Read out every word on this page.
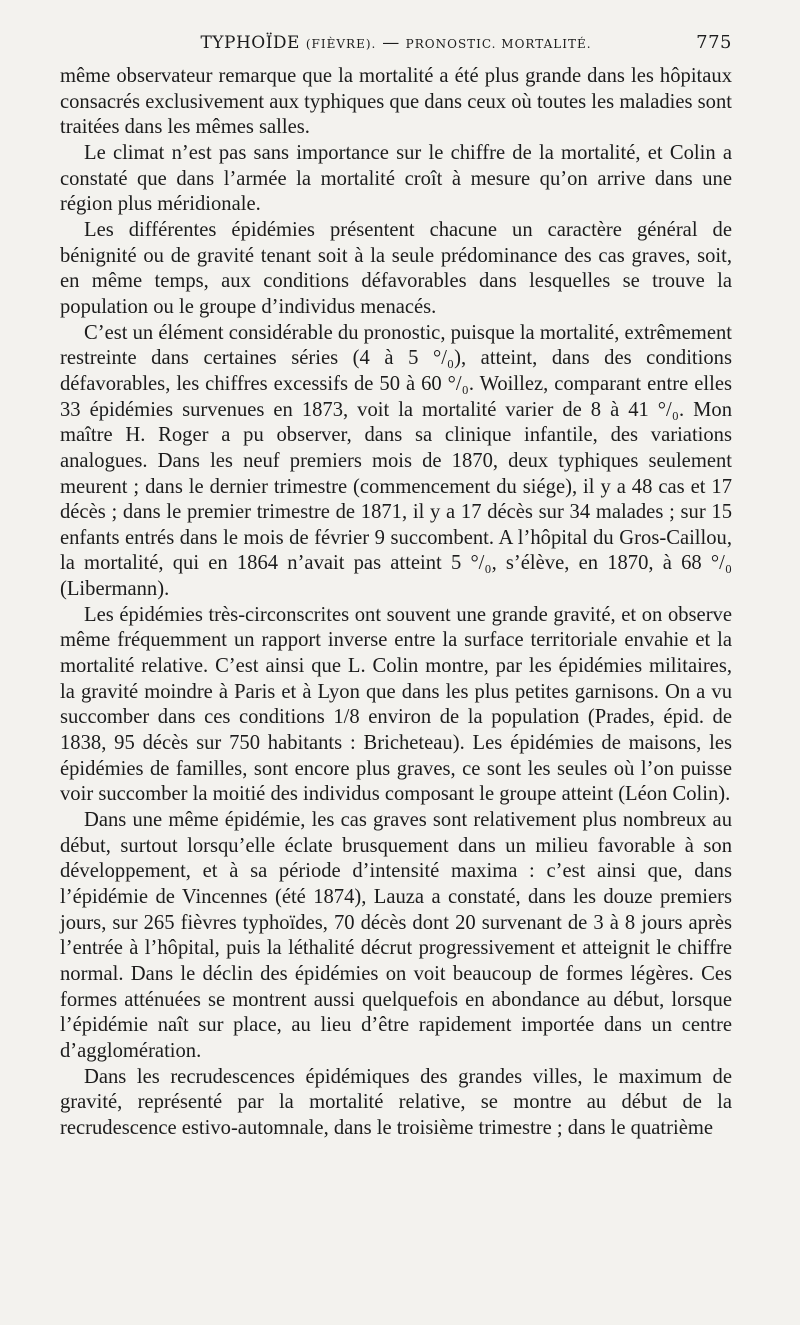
TYPHOÏDE (FIÈVRE). — PRONOSTIC. MORTALITÉ.	775

même observateur remarque que la mortalité a été plus grande dans les hôpitaux consacrés exclusivement aux typhiques que dans ceux où toutes les maladies sont traitées dans les mêmes salles.

Le climat n’est pas sans importance sur le chiffre de la mortalité, et Colin a constaté que dans l’armée la mortalité croît à mesure qu’on arrive dans une région plus méridionale.

Les différentes épidémies présentent chacune un caractère général de bénignité ou de gravité tenant soit à la seule prédominance des cas graves, soit, en même temps, aux conditions défavorables dans lesquelles se trouve la population ou le groupe d’individus menacés.

C’est un élément considérable du pronostic, puisque la mortalité, extrêmement restreinte dans certaines séries (4 à 5 °/₀), atteint, dans des conditions défavorables, les chiffres excessifs de 50 à 60 °/₀. Woillez, comparant entre elles 33 épidémies survenues en 1873, voit la mortalité varier de 8 à 41 °/₀. Mon maître H. Roger a pu observer, dans sa clinique infantile, des variations analogues. Dans les neuf premiers mois de 1870, deux typhiques seulement meurent ; dans le dernier trimestre (commencement du siége), il y a 48 cas et 17 décès ; dans le premier trimestre de 1871, il y a 17 décès sur 34 malades ; sur 15 enfants entrés dans le mois de février 9 succombent. A l’hôpital du Gros-Caillou, la mortalité, qui en 1864 n’avait pas atteint 5 °/₀, s’élève, en 1870, à 68 °/₀ (Libermann).

Les épidémies très-circonscrites ont souvent une grande gravité, et on observe même fréquemment un rapport inverse entre la surface territoriale envahie et la mortalité relative. C’est ainsi que L. Colin montre, par les épidémies militaires, la gravité moindre à Paris et à Lyon que dans les plus petites garnisons. On a vu succomber dans ces conditions 1/8 environ de la population (Prades, épid. de 1838, 95 décès sur 750 habitants : Bricheteau). Les épidémies de maisons, les épidémies de familles, sont encore plus graves, ce sont les seules où l’on puisse voir succomber la moitié des individus composant le groupe atteint (Léon Colin).

Dans une même épidémie, les cas graves sont relativement plus nombreux au début, surtout lorsqu’elle éclate brusquement dans un milieu favorable à son développement, et à sa période d’intensité maxima : c’est ainsi que, dans l’épidémie de Vincennes (été 1874), Lauza a constaté, dans les douze premiers jours, sur 265 fièvres typhoïdes, 70 décès dont 20 survenant de 3 à 8 jours après l’entrée à l’hôpital, puis la léthalité décrut progressivement et atteignit le chiffre normal. Dans le déclin des épidémies on voit beaucoup de formes légères. Ces formes atténuées se montrent aussi quelquefois en abondance au début, lorsque l’épidémie naît sur place, au lieu d’être rapidement importée dans un centre d’agglomération.

Dans les recrudescences épidémiques des grandes villes, le maximum de gravité, représenté par la mortalité relative, se montre au début de la recrudescence estivo-automnale, dans le troisième trimestre ; dans le quatrième
